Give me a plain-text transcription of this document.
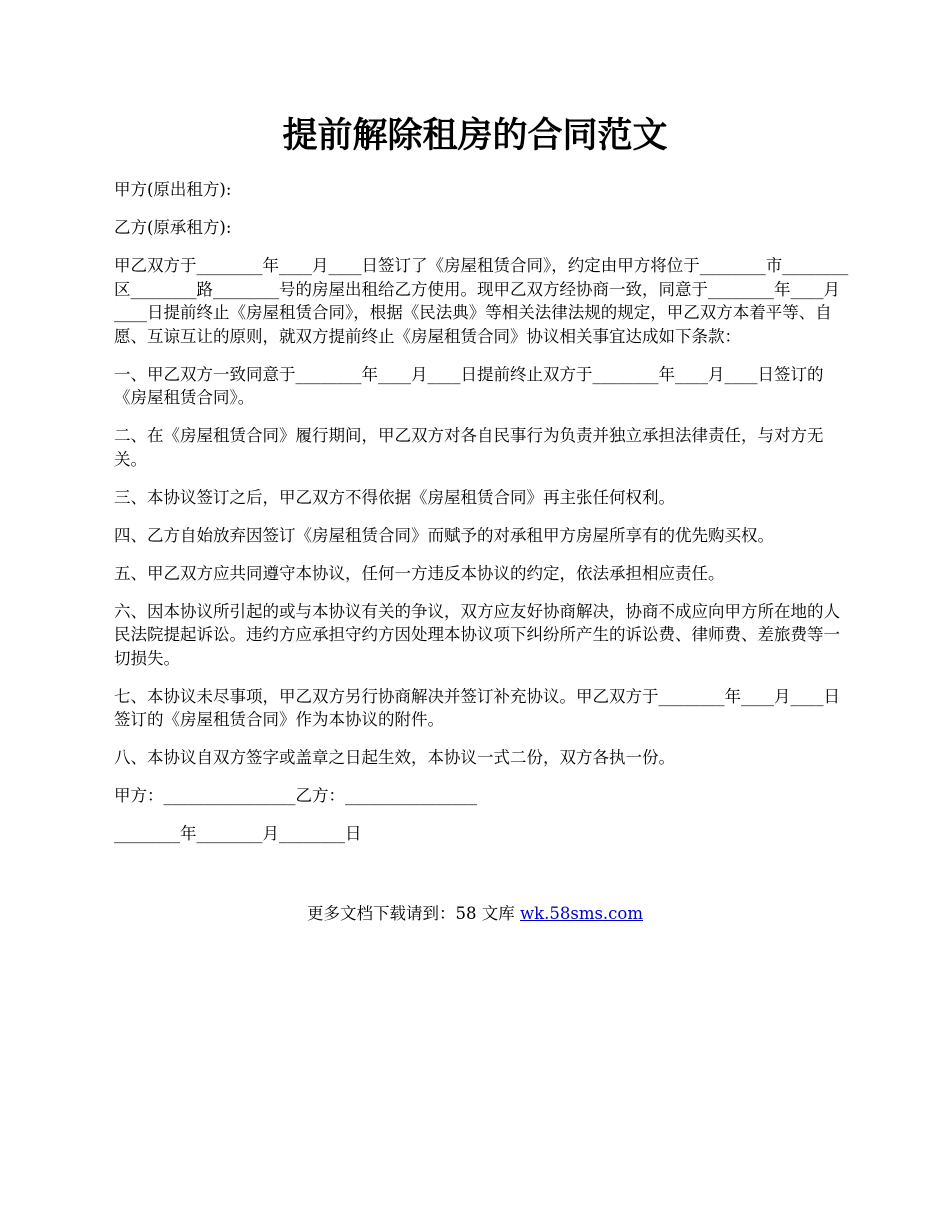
提前解除租房的合同范文

甲方(原出租方):

乙方(原承租方):

甲乙双方于________年____月____日签订了《房屋租赁合同》，约定由甲方将位于________市________区________路________号的房屋出租给乙方使用。现甲乙双方经协商一致，同意于________年____月____日提前终止《房屋租赁合同》，根据《民法典》等相关法律法规的规定，甲乙双方本着平等、自愿、互谅互让的原则，就双方提前终止《房屋租赁合同》协议相关事宜达成如下条款：

一、甲乙双方一致同意于________年____月____日提前终止双方于________年____月____日签订的《房屋租赁合同》。

二、在《房屋租赁合同》履行期间，甲乙双方对各自民事行为负责并独立承担法律责任，与对方无关。

三、本协议签订之后，甲乙双方不得依据《房屋租赁合同》再主张任何权利。

四、乙方自始放弃因签订《房屋租赁合同》而赋予的对承租甲方房屋所享有的优先购买权。

五、甲乙双方应共同遵守本协议，任何一方违反本协议的约定，依法承担相应责任。

六、因本协议所引起的或与本协议有关的争议，双方应友好协商解决，协商不成应向甲方所在地的人民法院提起诉讼。违约方应承担守约方因处理本协议项下纠纷所产生的诉讼费、律师费、差旅费等一切损失。

七、本协议未尽事项，甲乙双方另行协商解决并签订补充协议。甲乙双方于________年____月____日签订的《房屋租赁合同》作为本协议的附件。

八、本协议自双方签字或盖章之日起生效，本协议一式二份，双方各执一份。

甲方：________________乙方：________________

________年________月________日

更多文档下载请到：58 文库 wk.58sms.com
